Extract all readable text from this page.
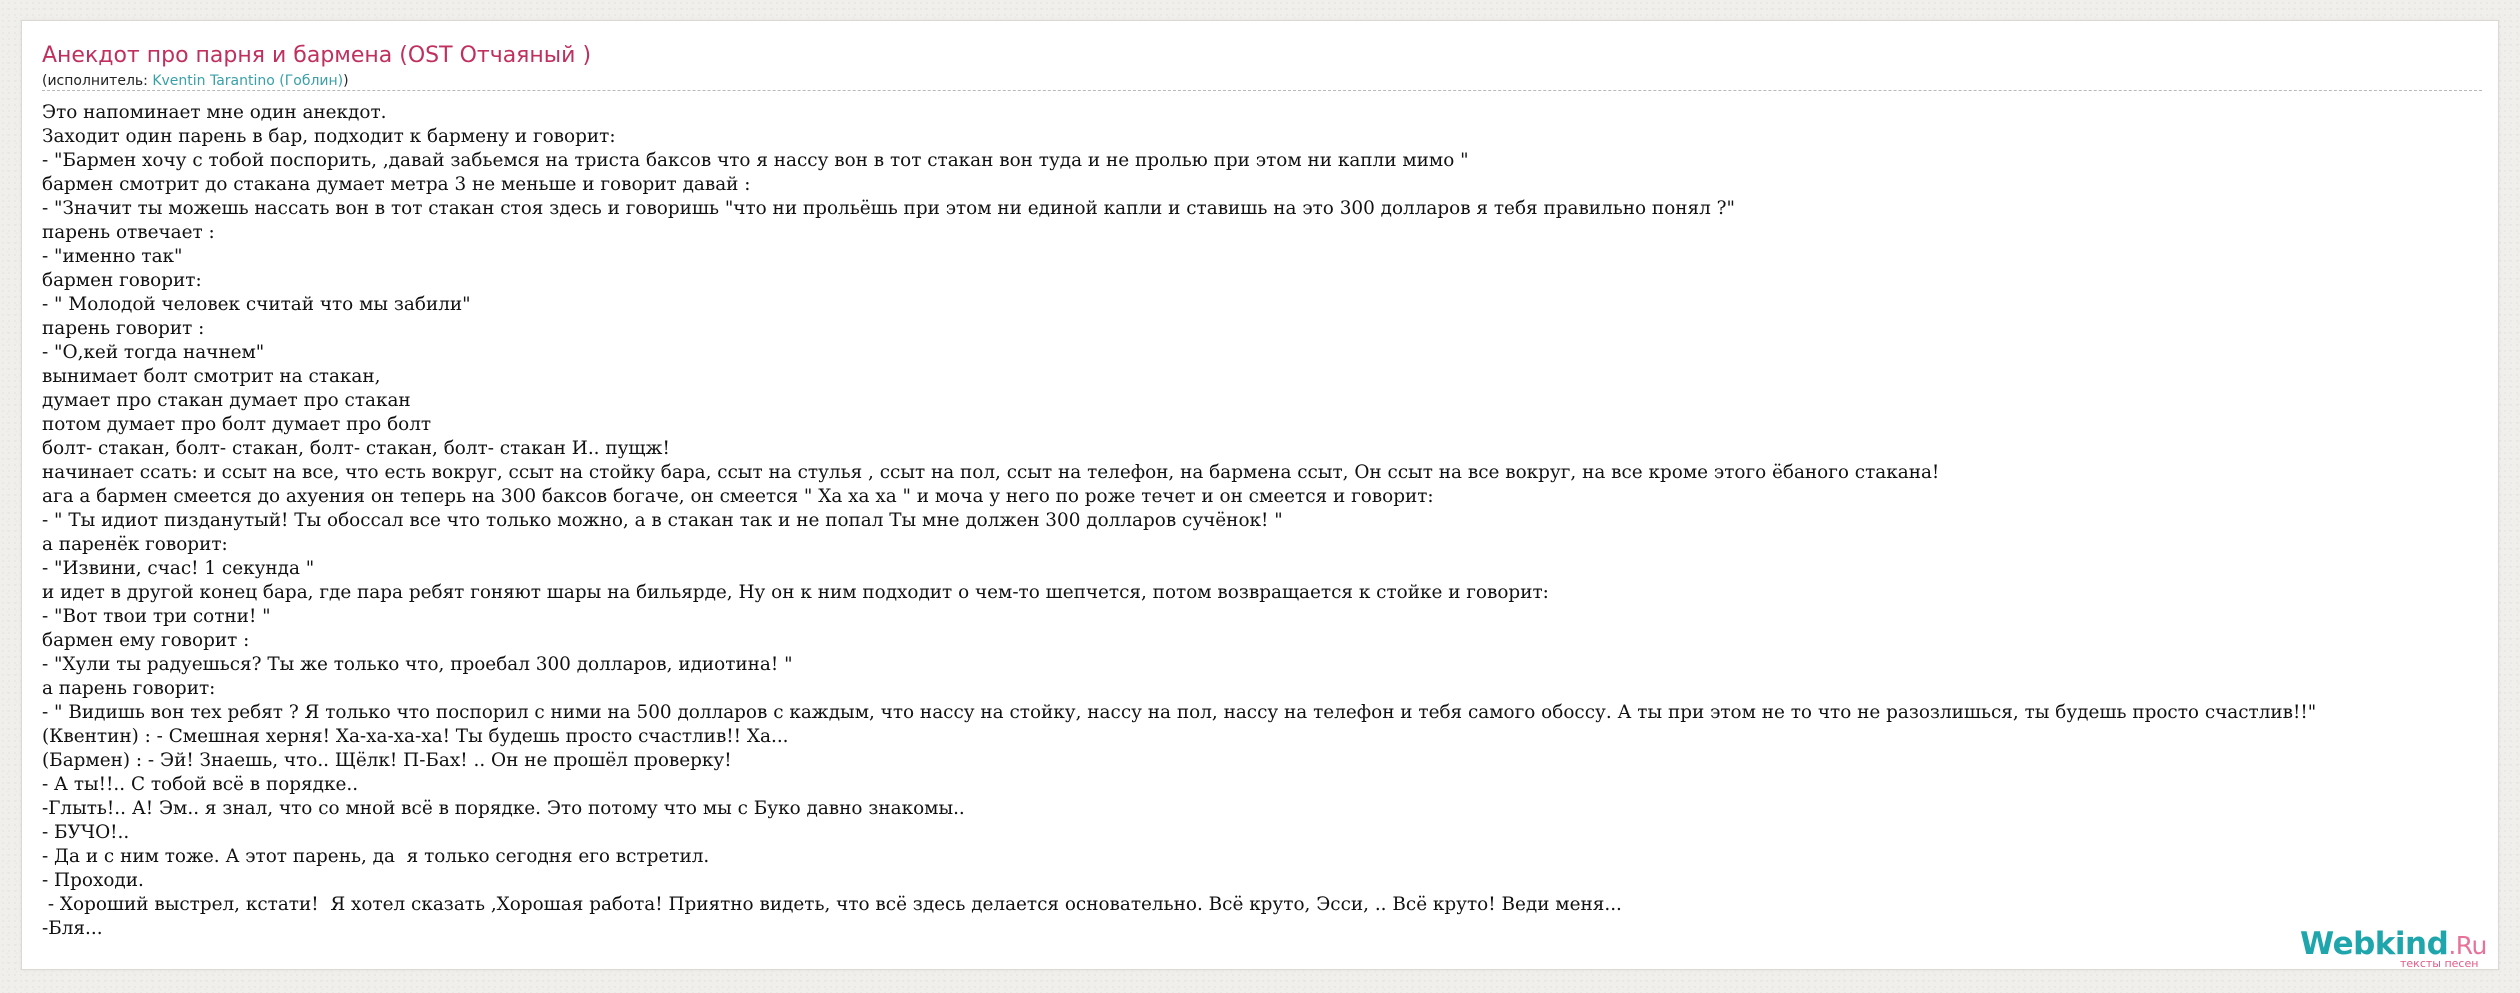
Анекдот про парня и бармена (OST Отчаяный )
(исполнитель: Kventin Tarantino (Гоблин))
Это напоминает мне один анекдот.
Заходит один парень в бар, подходит к бармену и говорит:
- "Бармен хочу с тобой поспорить, ,давай забьемся на триста баксов что я нассу вон в тот стакан вон туда и не пролью при этом ни капли мимо "
бармен смотрит до стакана думает метра 3 не меньше и говорит давай :
- "Значит ты можешь нассать вон в тот стакан стоя здесь и говоришь "что ни прольёшь при этом ни единой капли и ставишь на это 300 долларов я тебя правильно понял ?"
парень отвечает :
- "именно так"
бармен говорит:
- " Молодой человек считай что мы забили"
парень говорит :
- "О,кей тогда начнем"
вынимает болт смотрит на стакан,
думает про стакан думает про стакан
потом думает про болт думает про болт
болт- стакан, болт- стакан, болт- стакан, болт- стакан И.. пущж!
начинает ссать: и ссыт на все, что есть вокруг, ссыт на стойку бара, ссыт на стулья , ссыт на пол, ссыт на телефон, на бармена ссыт, Он ссыт на все вокруг, на все кроме этого ёбаного стакана!
ага а бармен смеется до ахуения он теперь на 300 баксов богаче, он смеется " Ха ха ха " и моча у него по роже течет и он смеется и говорит:
- " Ты идиот пизданутый! Ты обоссал все что только можно, а в стакан так и не попал Ты мне должен 300 долларов сучёнок! "
а паренёк говорит:
- "Извини, счас! 1 секунда "
и идет в другой конец бара, где пара ребят гоняют шары на бильярде, Ну он к ним подходит о чем-то шепчется, потом возвращается к стойке и говорит:
- "Вот твои три сотни! "
бармен ему говорит :
- "Хули ты радуешься? Ты же только что, проебал 300 долларов, идиотина! "
а парень говорит:
- " Видишь вон тех ребят ? Я только что поспорил с ними на 500 долларов с каждым, что нассу на стойку, нассу на пол, нассу на телефон и тебя самого обоссу. А ты при этом не то что не разозлишься, ты будешь просто счастлив!!"
(Квентин) : - Смешная херня! Ха-ха-ха-ха! Ты будешь просто счастлив!! Ха...
(Бармен) : - Эй! Знаешь, что.. Щёлк! П-Бах! .. Он не прошёл проверку!
- А ты!!.. С тобой всё в порядке..
-Глыть!.. А! Эм.. я знал, что со мной всё в порядке. Это потому что мы с Буко давно знакомы..
- БУЧО!..
- Да и с ним тоже. А этот парень, да  я только сегодня его встретил.
- Проходи.
- Хороший выстрел, кстати!  Я хотел сказать ,Хорошая работа! Приятно видеть, что всё здесь делается основательно. Всё круто, Эсси, .. Всё круто! Веди меня...
-Бля...	Webkind.Ru
тексты песен
